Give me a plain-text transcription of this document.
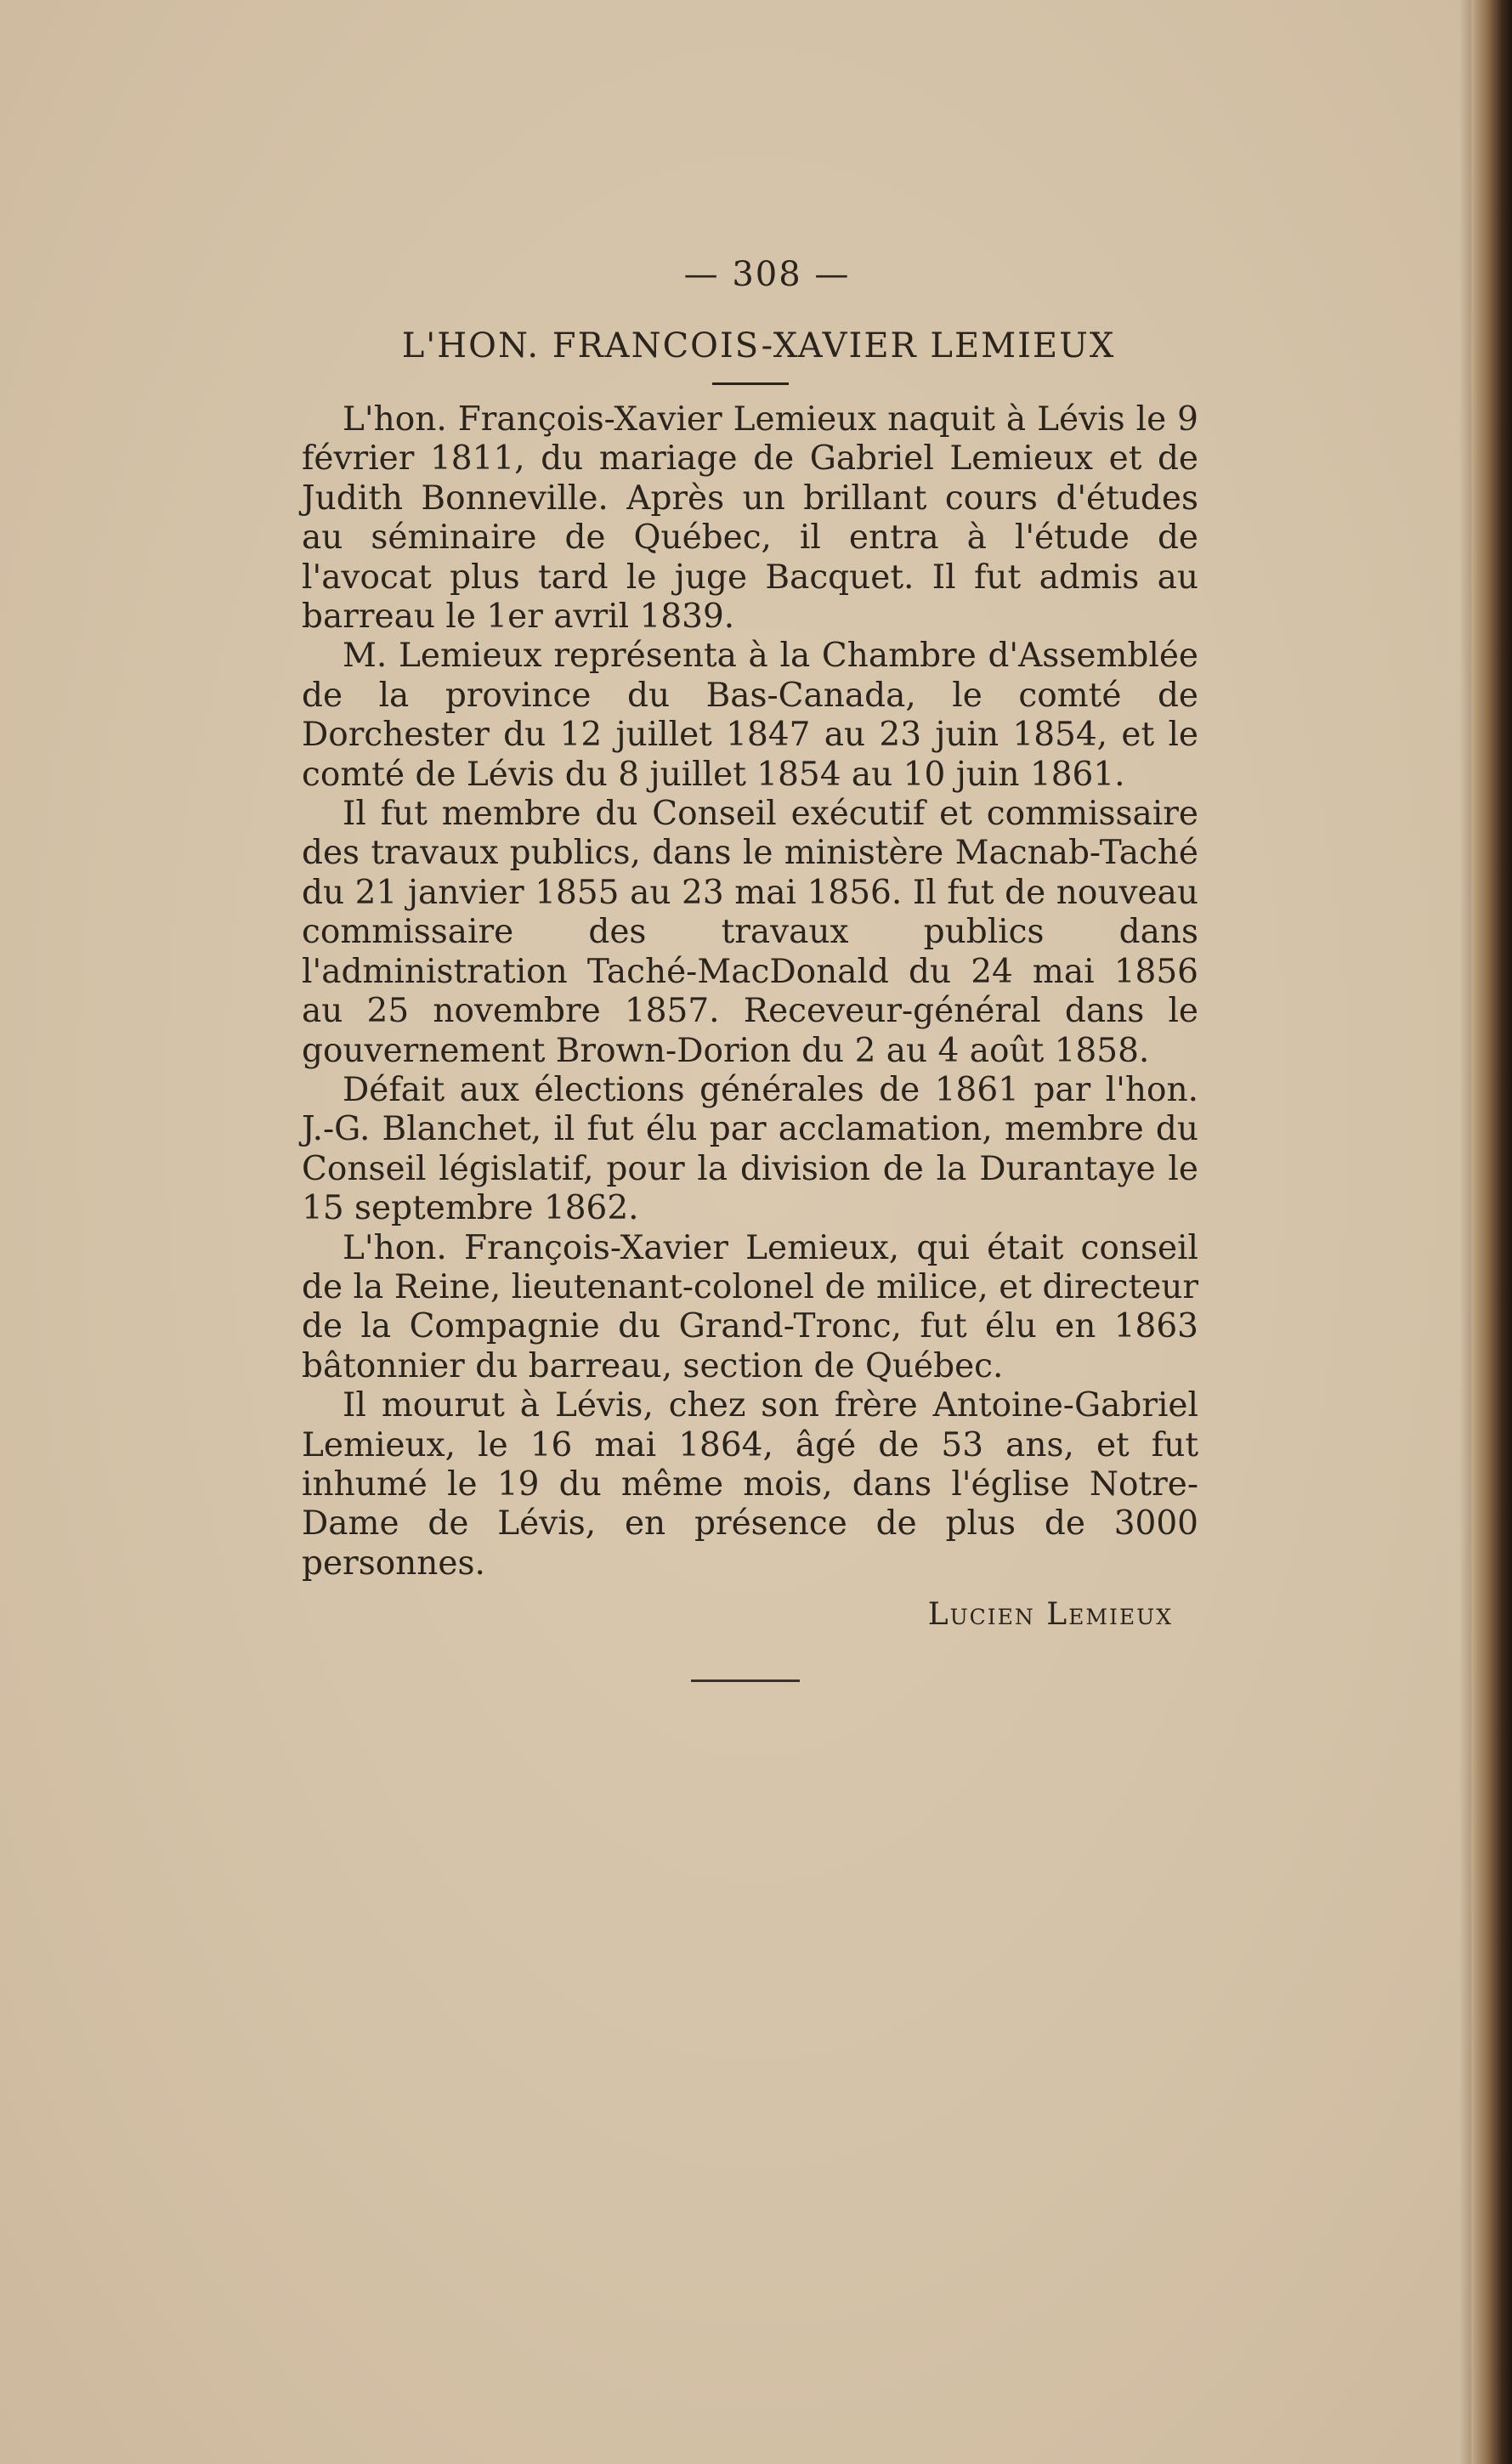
— 308 —
L'HON. FRANCOIS-XAVIER LEMIEUX

L'hon. François-Xavier Lemieux naquit à Lévis le 9 février 1811, du mariage de Gabriel Lemieux et de Judith Bonneville. Après un brillant cours d'études au séminaire de Québec, il entra à l'étude de l'avocat plus tard le juge Bacquet. Il fut admis au barreau le 1er avril 1839.

M. Lemieux représenta à la Chambre d'Assemblée de la province du Bas-Canada, le comté de Dorchester du 12 juillet 1847 au 23 juin 1854, et le comté de Lévis du 8 juillet 1854 au 10 juin 1861.

Il fut membre du Conseil exécutif et commissaire des travaux publics, dans le ministère Macnab-Taché du 21 janvier 1855 au 23 mai 1856. Il fut de nouveau commissaire des travaux publics dans l'administration Taché-MacDonald du 24 mai 1856 au 25 novembre 1857. Receveur-général dans le gouvernement Brown-Dorion du 2 au 4 août 1858.

Défait aux élections générales de 1861 par l'hon. J.-G. Blanchet, il fut élu par acclamation, membre du Conseil législatif, pour la division de la Durantaye le 15 septembre 1862.

L'hon. François-Xavier Lemieux, qui était conseil de la Reine, lieutenant-colonel de milice, et directeur de la Compagnie du Grand-Tronc, fut élu en 1863 bâtonnier du barreau, section de Québec.

Il mourut à Lévis, chez son frère Antoine-Gabriel Lemieux, le 16 mai 1864, âgé de 53 ans, et fut inhumé le 19 du même mois, dans l'église Notre-Dame de Lévis, en présence de plus de 3000 personnes.

Lucien Lemieux
